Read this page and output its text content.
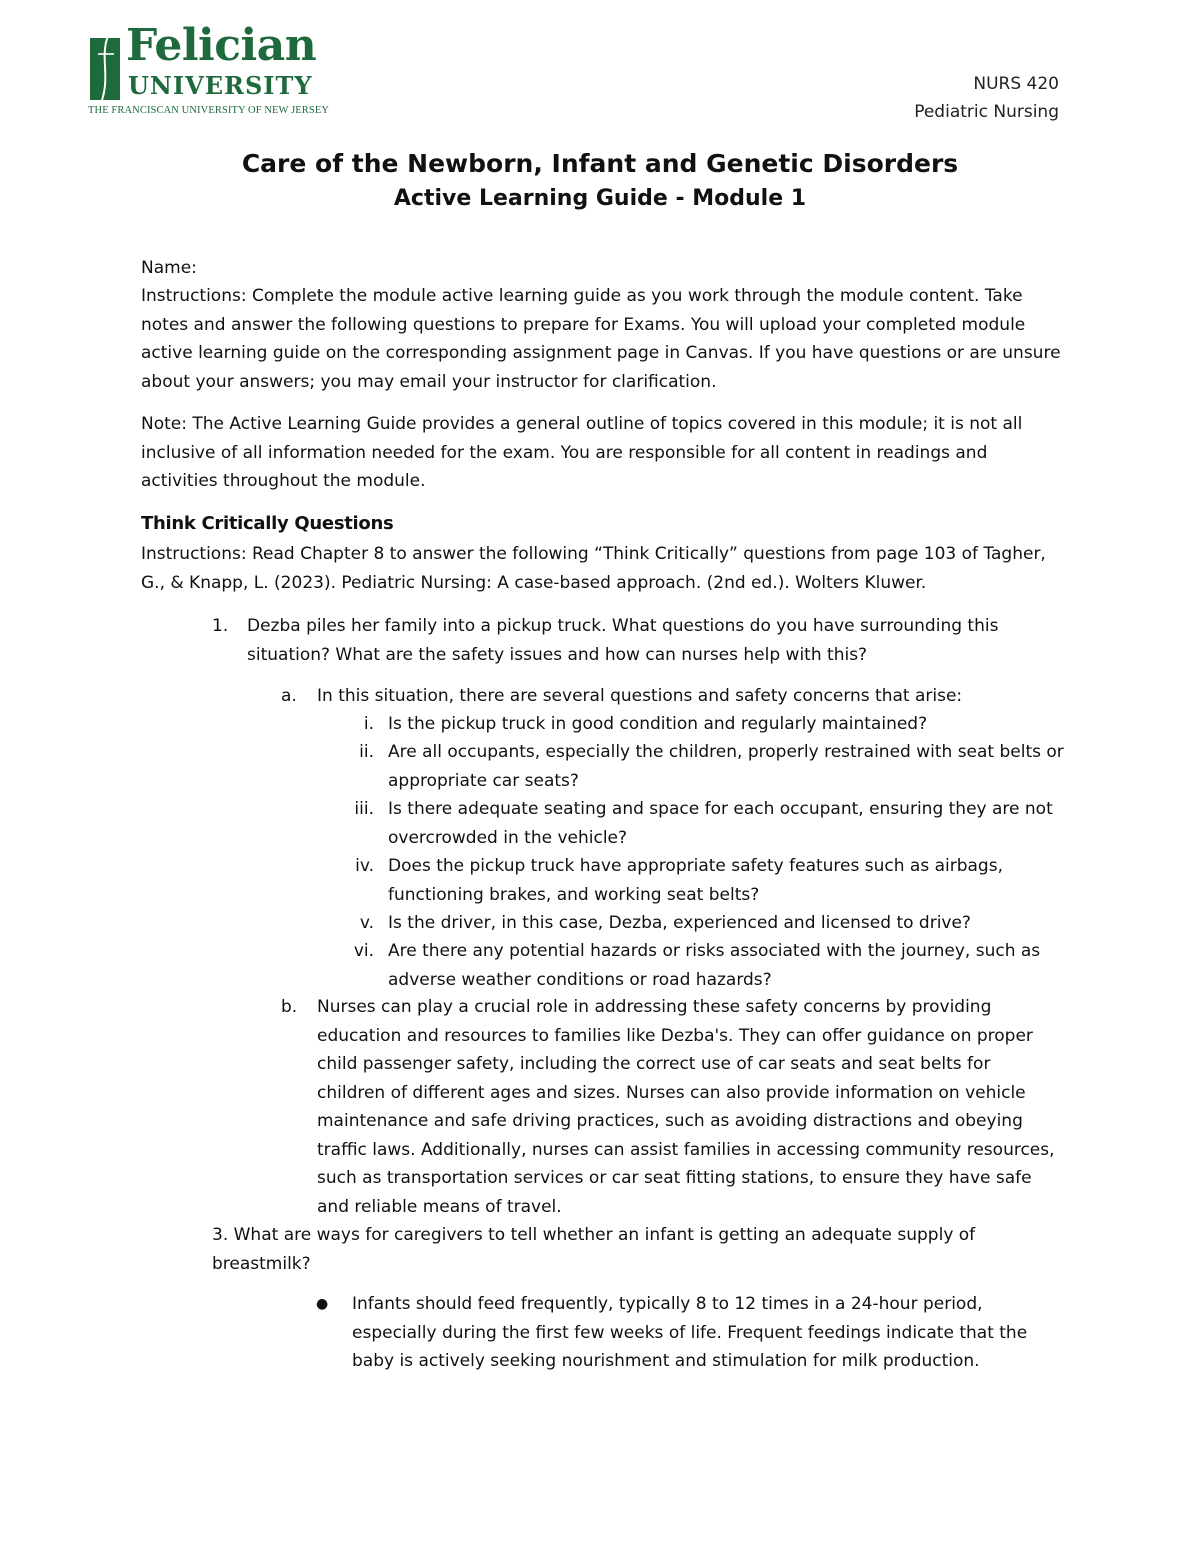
Felician
UNIVERSITY
THE FRANCISCAN UNIVERSITY OF NEW JERSEY
NURS 420
Pediatric Nursing
Care of the Newborn, Infant and Genetic Disorders
Active Learning Guide - Module 1
Name:

Instructions: Complete the module active learning guide as you work through the module content. Take notes and answer the following questions to prepare for Exams. You will upload your completed module active learning guide on the corresponding assignment page in Canvas. If you have questions or are unsure about your answers; you may email your instructor for clarification.

Note: The Active Learning Guide provides a general outline of topics covered in this module; it is not all inclusive of all information needed for the exam. You are responsible for all content in readings and activities throughout the module.

Think Critically Questions

Instructions: Read Chapter 8 to answer the following “Think Critically” questions from page 103 of Tagher, G., & Knapp, L. (2023). Pediatric Nursing: A case-based approach. (2nd ed.). Wolters Kluwer.

1.	Dezba piles her family into a pickup truck. What questions do you have surrounding this situation? What are the safety issues and how can nurses help with this?
a.	In this situation, there are several questions and safety concerns that arise:
i. Is the pickup truck in good condition and regularly maintained?
ii. Are all occupants, especially the children, properly restrained with seat belts or appropriate car seats?
iii. Is there adequate seating and space for each occupant, ensuring they are not overcrowded in the vehicle?
iv. Does the pickup truck have appropriate safety features such as airbags, functioning brakes, and working seat belts?
v. Is the driver, in this case, Dezba, experienced and licensed to drive?
vi. Are there any potential hazards or risks associated with the journey, such as adverse weather conditions or road hazards?
b.	Nurses can play a crucial role in addressing these safety concerns by providing education and resources to families like Dezba's. They can offer guidance on proper child passenger safety, including the correct use of car seats and seat belts for children of different ages and sizes. Nurses can also provide information on vehicle maintenance and safe driving practices, such as avoiding distractions and obeying traffic laws. Additionally, nurses can assist families in accessing community resources, such as transportation services or car seat fitting stations, to ensure they have safe and reliable means of travel.
3. What are ways for caregivers to tell whether an infant is getting an adequate supply of breastmilk?
●	Infants should feed frequently, typically 8 to 12 times in a 24-hour period, especially during the first few weeks of life. Frequent feedings indicate that the baby is actively seeking nourishment and stimulation for milk production.
